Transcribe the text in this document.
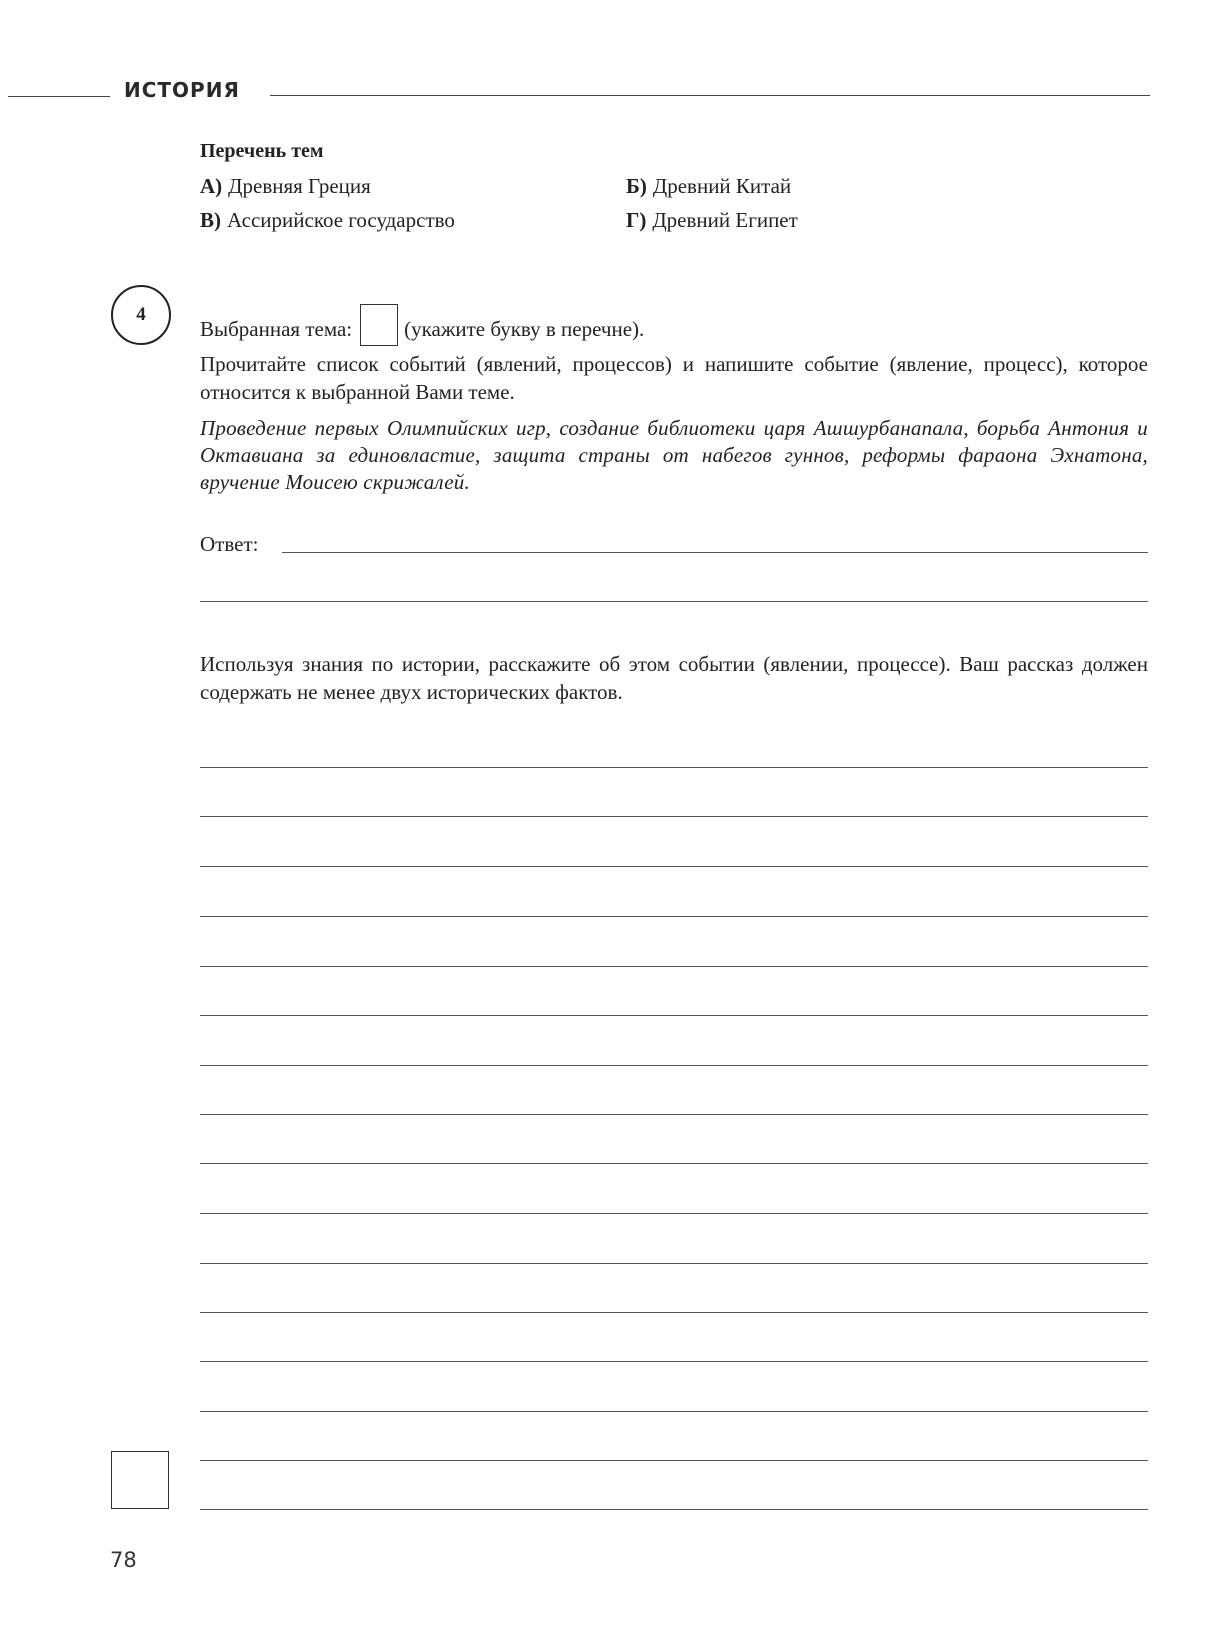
ИСТОРИЯ
Перечень тем
А) Древняя Греция	Б) Древний Китай
В) Ассирийское государство	Г) Древний Египет
4
Выбранная тема: (укажите букву в перечне).
Прочитайте список событий (явлений, процессов) и напишите событие (явление, процесс), которое относится к выбранной Вами теме.
Проведение первых Олимпийских игр, создание библиотеки царя Ашшурбанапала, борьба Антония и Октавиана за единовластие, защита страны от набегов гуннов, реформы фараона Эхнатона, вручение Моисею скрижалей.
Ответ:
Используя знания по истории, расскажите об этом событии (явлении, процессе). Ваш рассказ должен содержать не менее двух исторических фактов.
78
